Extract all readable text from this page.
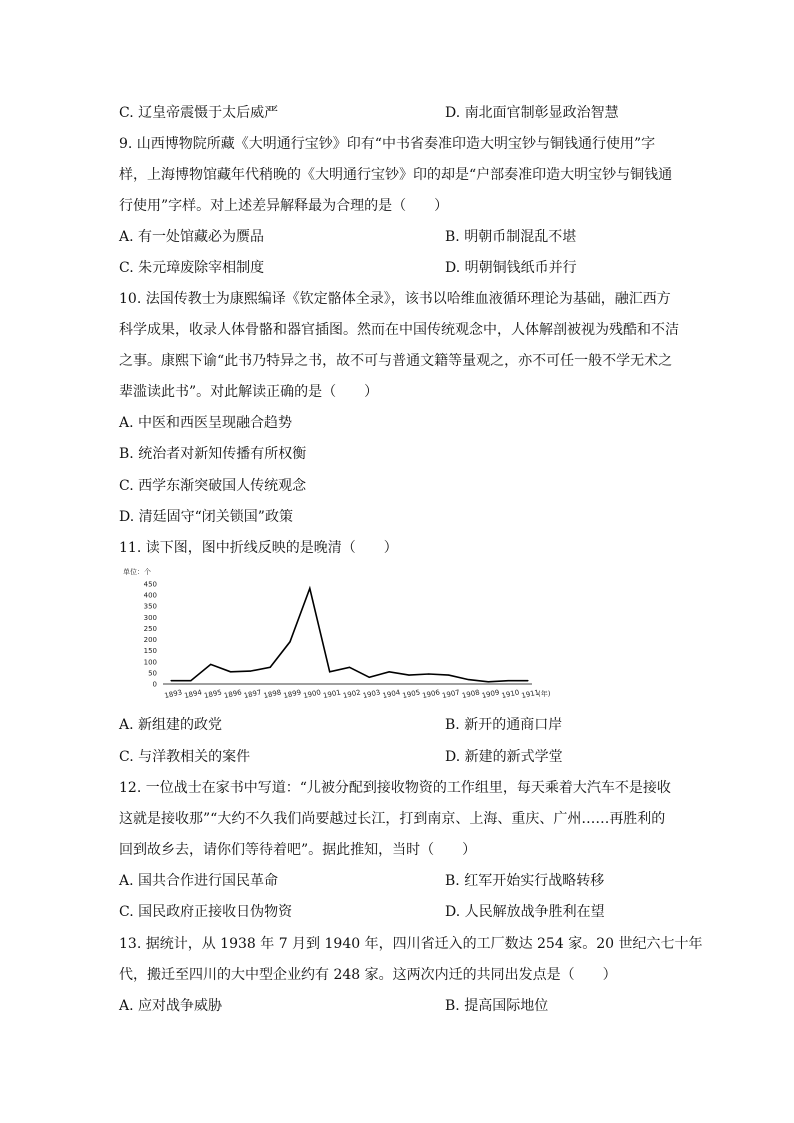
C. 辽皇帝震慑于太后威严	D. 南北面官制彰显政治智慧
9. 山西博物院所藏《大明通行宝钞》印有“中书省奏准印造大明宝钞与铜钱通行使用”字
样，上海博物馆藏年代稍晚的《大明通行宝钞》印的却是“户部奏准印造大明宝钞与铜钱通
行使用”字样。对上述差异解释最为合理的是（　　）
A. 有一处馆藏必为赝品	B. 明朝币制混乱不堪
C. 朱元璋废除宰相制度	D. 明朝铜钱纸币并行
10. 法国传教士为康熙编译《钦定骼体全录》，该书以哈维血液循环理论为基础，融汇西方
科学成果，收录人体骨骼和器官插图。然而在中国传统观念中，人体解剖被视为残酷和不洁
之事。康熙下谕“此书乃特异之书，故不可与普通文籍等量观之，亦不可任一般不学无术之
辈滥读此书”。对此解读正确的是（　　）
A. 中医和西医呈现融合趋势
B. 统治者对新知传播有所权衡
C. 西学东渐突破国人传统观念
D. 清廷固守“闭关锁国”政策
11. 读下图，图中折线反映的是晚清（　　）
单位：个
0
50
100
150
200
250
300
350
400
450
1893 1894 1895 1896 1897 1898 1899 1900 1901 1902 1903 1904 1905 1906 1907 1908 1909 1910 1911
(年)
A. 新组建的政党	B. 新开的通商口岸
C. 与洋教相关的案件	D. 新建的新式学堂
12. 一位战士在家书中写道：“儿被分配到接收物资的工作组里，每天乘着大汽车不是接收
这就是接收那”“大约不久我们尚要越过长江，打到南京、上海、重庆、广州……再胜利的
回到故乡去，请你们等待着吧”。据此推知，当时（　　）
A. 国共合作进行国民革命	B. 红军开始实行战略转移
C. 国民政府正接收日伪物资	D. 人民解放战争胜利在望
13. 据统计，从 1938 年 7 月到 1940 年，四川省迁入的工厂数达 254 家。20 世纪六七十年
代，搬迁至四川的大中型企业约有 248 家。这两次内迁的共同出发点是（　　）
A. 应对战争威胁	B. 提高国际地位
